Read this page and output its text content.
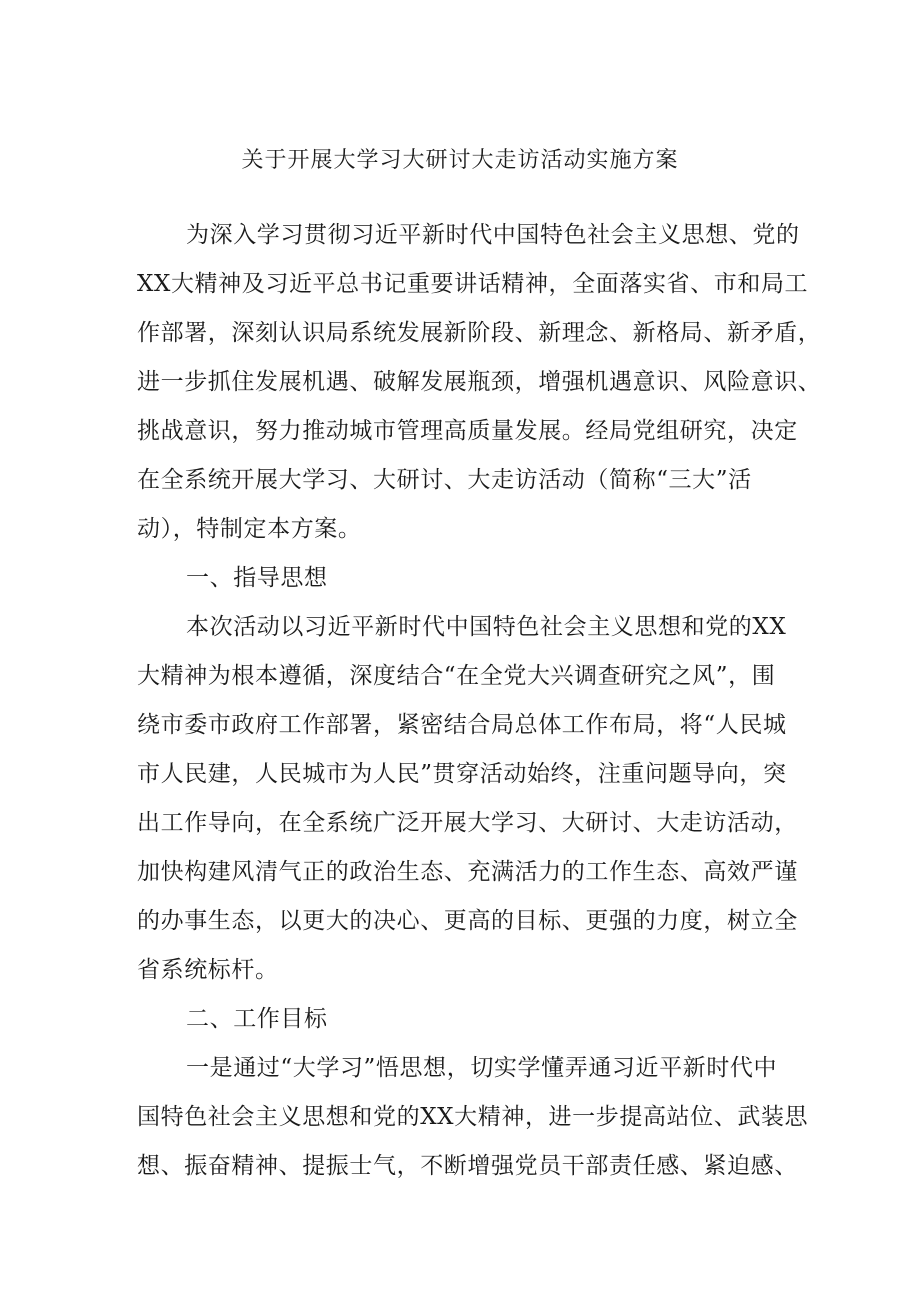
关于开展大学习大研讨大走访活动实施方案
为深入学习贯彻习近平新时代中国特色社会主义思想、党的
XX大精神及习近平总书记重要讲话精神，全面落实省、市和局工
作部署，深刻认识局系统发展新阶段、新理念、新格局、新矛盾，
进一步抓住发展机遇、破解发展瓶颈，增强机遇意识、风险意识、
挑战意识，努力推动城市管理高质量发展。经局党组研究，决定
在全系统开展大学习、大研讨、大走访活动（简称“三大”活
动），特制定本方案。
一、指导思想
本次活动以习近平新时代中国特色社会主义思想和党的XX
大精神为根本遵循，深度结合“在全党大兴调查研究之风”，围
绕市委市政府工作部署，紧密结合局总体工作布局，将“人民城
市人民建，人民城市为人民”贯穿活动始终，注重问题导向，突
出工作导向，在全系统广泛开展大学习、大研讨、大走访活动，
加快构建风清气正的政治生态、充满活力的工作生态、高效严谨
的办事生态，以更大的决心、更高的目标、更强的力度，树立全
省系统标杆。
二、工作目标
一是通过“大学习”悟思想，切实学懂弄通习近平新时代中
国特色社会主义思想和党的XX大精神，进一步提高站位、武装思
想、振奋精神、提振士气，不断增强党员干部责任感、紧迫感、
